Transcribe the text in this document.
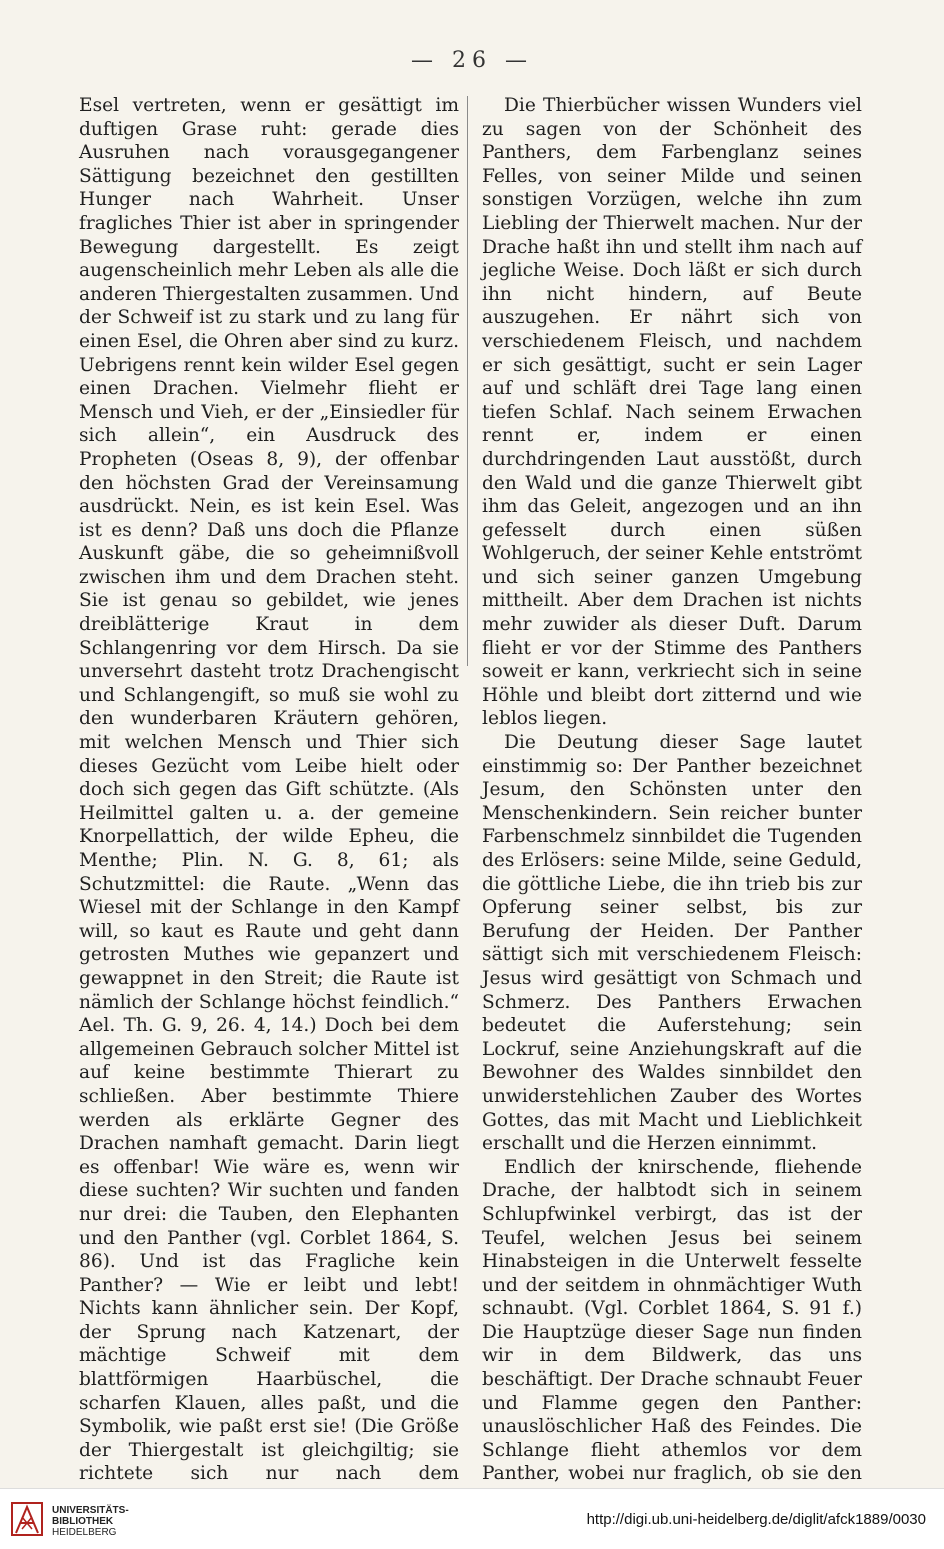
— 26 —

Esel vertreten, wenn er gesättigt im duftigen Grase ruht: gerade dies Ausruhen nach vorausgegangener Sättigung bezeichnet den gestillten Hunger nach Wahrheit. Unser fragliches Thier ist aber in springender Bewegung dargestellt. Es zeigt augenscheinlich mehr Leben als alle die anderen Thiergestalten zusammen. Und der Schweif ist zu stark und zu lang für einen Esel, die Ohren aber sind zu kurz. Uebrigens rennt kein wilder Esel gegen einen Drachen. Vielmehr flieht er Mensch und Vieh, er der „Einsiedler für sich allein“, ein Ausdruck des Propheten (Oseas 8, 9), der offenbar den höchsten Grad der Vereinsamung ausdrückt. Nein, es ist kein Esel. Was ist es denn? Daß uns doch die Pflanze Auskunft gäbe, die so geheimnißvoll zwischen ihm und dem Drachen steht. Sie ist genau so gebildet, wie jenes dreiblätterige Kraut in dem Schlangenring vor dem Hirsch. Da sie unversehrt dasteht trotz Drachengischt und Schlangengift, so muß sie wohl zu den wunderbaren Kräutern gehören, mit welchen Mensch und Thier sich dieses Gezücht vom Leibe hielt oder doch sich gegen das Gift schützte. (Als Heilmittel galten u. a. der gemeine Knorpellattich, der wilde Epheu, die Menthe; Plin. N. G. 8, 61; als Schutzmittel: die Raute. „Wenn das Wiesel mit der Schlange in den Kampf will, so kaut es Raute und geht dann getrosten Muthes wie gepanzert und gewappnet in den Streit; die Raute ist nämlich der Schlange höchst feindlich.“ Ael. Th. G. 9, 26. 4, 14.) Doch bei dem allgemeinen Gebrauch solcher Mittel ist auf keine bestimmte Thierart zu schließen. Aber bestimmte Thiere werden als erklärte Gegner des Drachen namhaft gemacht. Darin liegt es offenbar! Wie wäre es, wenn wir diese suchten? Wir suchten und fanden nur drei: die Tauben, den Elephanten und den Panther (vgl. Corblet 1864, S. 86). Und ist das Fragliche kein Panther? — Wie er leibt und lebt! Nichts kann ähnlicher sein. Der Kopf, der Sprung nach Katzenart, der mächtige Schweif mit dem blattförmigen Haarbüschel, die scharfen Klauen, alles paßt, und die Symbolik, wie paßt erst sie! (Die Größe der Thiergestalt ist gleichgiltig; sie richtete sich nur nach dem

Die Thierbücher wissen Wunders viel zu sagen von der Schönheit des Panthers, dem Farbenglanz seines Felles, von seiner Milde und seinen sonstigen Vorzügen, welche ihn zum Liebling der Thierwelt machen. Nur der Drache haßt ihn und stellt ihm nach auf jegliche Weise. Doch läßt er sich durch ihn nicht hindern, auf Beute auszugehen. Er nährt sich von verschiedenem Fleisch, und nachdem er sich gesättigt, sucht er sein Lager auf und schläft drei Tage lang einen tiefen Schlaf. Nach seinem Erwachen rennt er, indem er einen durchdringenden Laut ausstößt, durch den Wald und die ganze Thierwelt gibt ihm das Geleit, angezogen und an ihn gefesselt durch einen süßen Wohlgeruch, der seiner Kehle entströmt und sich seiner ganzen Umgebung mittheilt. Aber dem Drachen ist nichts mehr zuwider als dieser Duft. Darum flieht er vor der Stimme des Panthers soweit er kann, verkriecht sich in seine Höhle und bleibt dort zitternd und wie leblos liegen.

Die Deutung dieser Sage lautet einstimmig so: Der Panther bezeichnet Jesum, den Schönsten unter den Menschenkindern. Sein reicher bunter Farbenschmelz sinnbildet die Tugenden des Erlösers: seine Milde, seine Geduld, die göttliche Liebe, die ihn trieb bis zur Opferung seiner selbst, bis zur Berufung der Heiden. Der Panther sättigt sich mit verschiedenem Fleisch: Jesus wird gesättigt von Schmach und Schmerz. Des Panthers Erwachen bedeutet die Auferstehung; sein Lockruf, seine Anziehungskraft auf die Bewohner des Waldes sinnbildet den unwiderstehlichen Zauber des Wortes Gottes, das mit Macht und Lieblichkeit erschallt und die Herzen einnimmt.

Endlich der knirschende, fliehende Drache, der halbtodt sich in seinem Schlupfwinkel verbirgt, das ist der Teufel, welchen Jesus bei seinem Hinabsteigen in die Unterwelt fesselte und der seitdem in ohnmächtiger Wuth schnaubt. (Vgl. Corblet 1864, S. 91 f.) Die Hauptzüge dieser Sage nun finden wir in dem Bildwerk, das uns beschäftigt. Der Drache schnaubt Feuer und Flamme gegen den Panther: unauslöschlicher Haß des Feindes. Die Schlange flieht athemlos vor dem Panther, wobei nur fraglich, ob sie den

UNIVERSITÄTS-
BIBLIOTHEK
HEIDELBERG
http://digi.ub.uni-heidelberg.de/diglit/afck1889/0030
